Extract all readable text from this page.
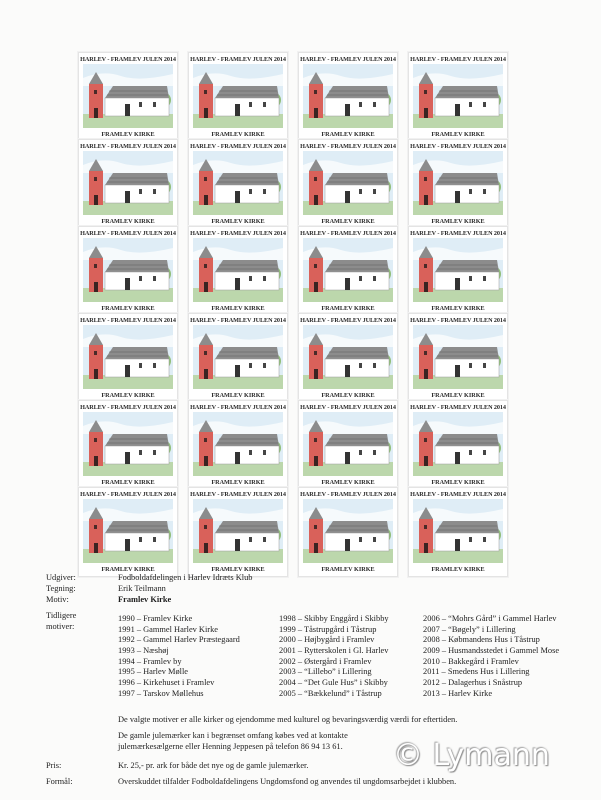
HARLEV - FRAMLEV JULEN 2014
FRAMLEV KIRKE
HARLEV - FRAMLEV JULEN 2014
FRAMLEV KIRKE
HARLEV - FRAMLEV JULEN 2014
FRAMLEV KIRKE
HARLEV - FRAMLEV JULEN 2014
FRAMLEV KIRKE
HARLEV - FRAMLEV JULEN 2014
FRAMLEV KIRKE
HARLEV - FRAMLEV JULEN 2014
FRAMLEV KIRKE
HARLEV - FRAMLEV JULEN 2014
FRAMLEV KIRKE
HARLEV - FRAMLEV JULEN 2014
FRAMLEV KIRKE
HARLEV - FRAMLEV JULEN 2014
FRAMLEV KIRKE
HARLEV - FRAMLEV JULEN 2014
FRAMLEV KIRKE
HARLEV - FRAMLEV JULEN 2014
FRAMLEV KIRKE
HARLEV - FRAMLEV JULEN 2014
FRAMLEV KIRKE
HARLEV - FRAMLEV JULEN 2014
FRAMLEV KIRKE
HARLEV - FRAMLEV JULEN 2014
FRAMLEV KIRKE
HARLEV - FRAMLEV JULEN 2014
FRAMLEV KIRKE
HARLEV - FRAMLEV JULEN 2014
FRAMLEV KIRKE
HARLEV - FRAMLEV JULEN 2014
FRAMLEV KIRKE
HARLEV - FRAMLEV JULEN 2014
FRAMLEV KIRKE
HARLEV - FRAMLEV JULEN 2014
FRAMLEV KIRKE
HARLEV - FRAMLEV JULEN 2014
FRAMLEV KIRKE
HARLEV - FRAMLEV JULEN 2014
FRAMLEV KIRKE
HARLEV - FRAMLEV JULEN 2014
FRAMLEV KIRKE
HARLEV - FRAMLEV JULEN 2014
FRAMLEV KIRKE
HARLEV - FRAMLEV JULEN 2014
FRAMLEV KIRKE
Udgiver:	Fodboldafdelingen i Harlev Idræts Klub
Tegning:	Erik Teilmann
Motiv:	Framlev Kirke
Tidligere
motiver:
1990 – Framlev Kirke
1991 – Gammel Harlev Kirke
1992 – Gammel Harlev Præstegaard
1993 – Næshøj
1994 – Framlev by
1995 – Harlev Mølle
1996 – Kirkehuset i Framlev
1997 – Tarskov Møllehus
1998 – Skibby Enggård i Skibby
1999 – Tåstrupgård i Tåstrup
2000 – Højbygård i Framlev
2001 – Rytterskolen i Gl. Harlev
2002 – Østergård i Framlev
2003 – “Lillebo” i Lillering
2004 – “Det Gule Hus” i Skibby
2005 – “Bækkelund” i Tåstrup
2006 – “Mohrs Gård” i Gammel Harlev
2007 – “Bøgely” i Lillering
2008 – Købmandens Hus i Tåstrup
2009 – Husmandsstedet i Gammel Mose
2010 – Bakkegård i Framlev
2011 – Smedens Hus i Lillering
2012 – Dalagerhus i Snåstrup
2013 – Harlev Kirke
De valgte motiver er alle kirker og ejendomme med kulturel og bevaringsværdig værdi for eftertiden.
De gamle julemærker kan i begrænset omfang købes ved at kontakte
julemærkesælgerne eller Henning Jeppesen på telefon 86 94 13 61.
Pris:	Kr. 25,- pr. ark for både det nye og de gamle julemærker.
Formål:	Overskuddet tilfalder Fodboldafdelingens Ungdomsfond og anvendes til ungdomsarbejdet i klubben.
© Lymann
